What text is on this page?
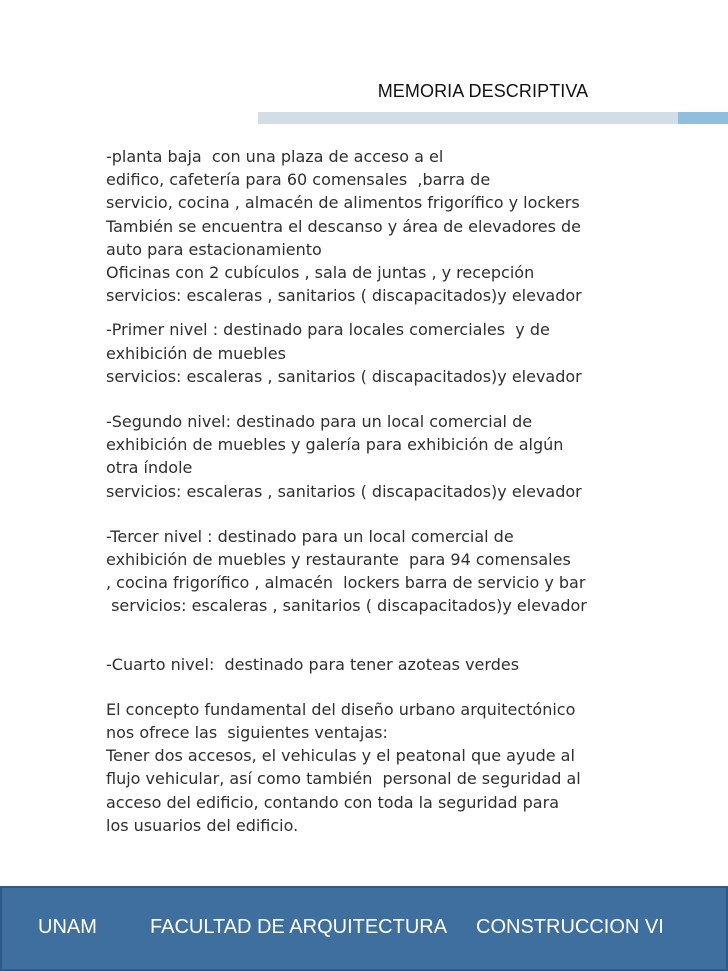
MEMORIA DESCRIPTIVA

-planta baja  con una plaza de acceso a el
edifico, cafetería para 60 comensales  ,barra de
servicio, cocina , almacén de alimentos frigorífico y lockers
También se encuentra el descanso y área de elevadores de
auto para estacionamiento
Oficinas con 2 cubículos , sala de juntas , y recepción
servicios: escaleras , sanitarios ( discapacitados)y elevador

-Primer nivel : destinado para locales comerciales  y de
exhibición de muebles
servicios: escaleras , sanitarios ( discapacitados)y elevador

-Segundo nivel: destinado para un local comercial de
exhibición de muebles y galería para exhibición de algún
otra índole
servicios: escaleras , sanitarios ( discapacitados)y elevador

-Tercer nivel : destinado para un local comercial de
exhibición de muebles y restaurante  para 94 comensales
, cocina frigorífico , almacén  lockers barra de servicio y bar
servicios: escaleras , sanitarios ( discapacitados)y elevador

-Cuarto nivel:  destinado para tener azoteas verdes

El concepto fundamental del diseño urbano arquitectónico
nos ofrece las  siguientes ventajas:
Tener dos accesos, el vehiculas y el peatonal que ayude al
flujo vehicular, así como también  personal de seguridad al
acceso del edificio, contando con toda la seguridad para
los usuarios del edificio.

UNAM	FACULTAD DE ARQUITECTURA CONSTRUCCION VI
